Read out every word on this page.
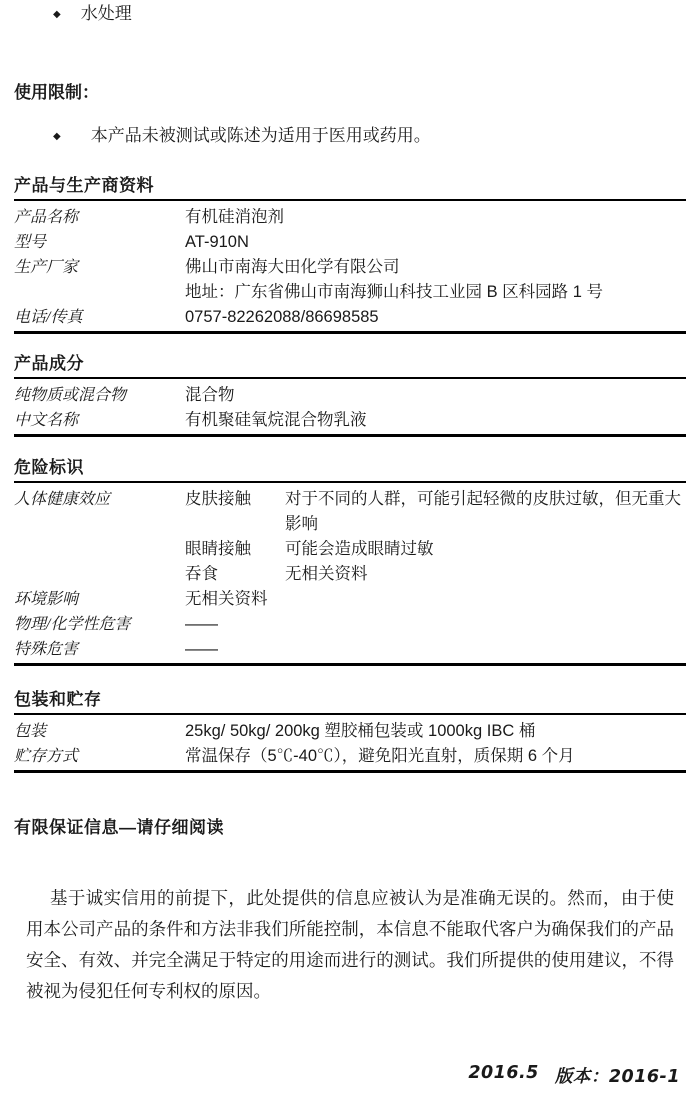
◆ 水处理
使用限制：
◆ 本产品未被测试或陈述为适用于医用或药用。
产品与生产商资料
产品名称	有机硅消泡剂
型号	AT-910N
生产厂家	佛山市南海大田化学有限公司
地址：广东省佛山市南海狮山科技工业园 B 区科园路 1 号
电话/传真	0757-82262088/86698585
产品成分
纯物质或混合物	混合物
中文名称	有机聚硅氧烷混合物乳液
危险标识
人体健康效应	皮肤接触	对于不同的人群，可能引起轻微的皮肤过敏，但无重大影响
眼睛接触	可能会造成眼睛过敏
吞食	无相关资料
环境影响	无相关资料
物理/化学性危害	——
特殊危害	——
包装和贮存
包装	25kg/ 50kg/ 200kg 塑胶桶包装或 1000kg IBC 桶
贮存方式	常温保存（5℃-40℃），避免阳光直射，质保期 6 个月
有限保证信息—请仔细阅读
基于诚实信用的前提下，此处提供的信息应被认为是准确无误的。然而，由于使用本公司产品的条件和方法非我们所能控制，本信息不能取代客户为确保我们的产品安全、有效、并完全满足于特定的用途而进行的测试。我们所提供的使用建议，不得被视为侵犯任何专利权的原因。
2016.5 版本：2016-1
